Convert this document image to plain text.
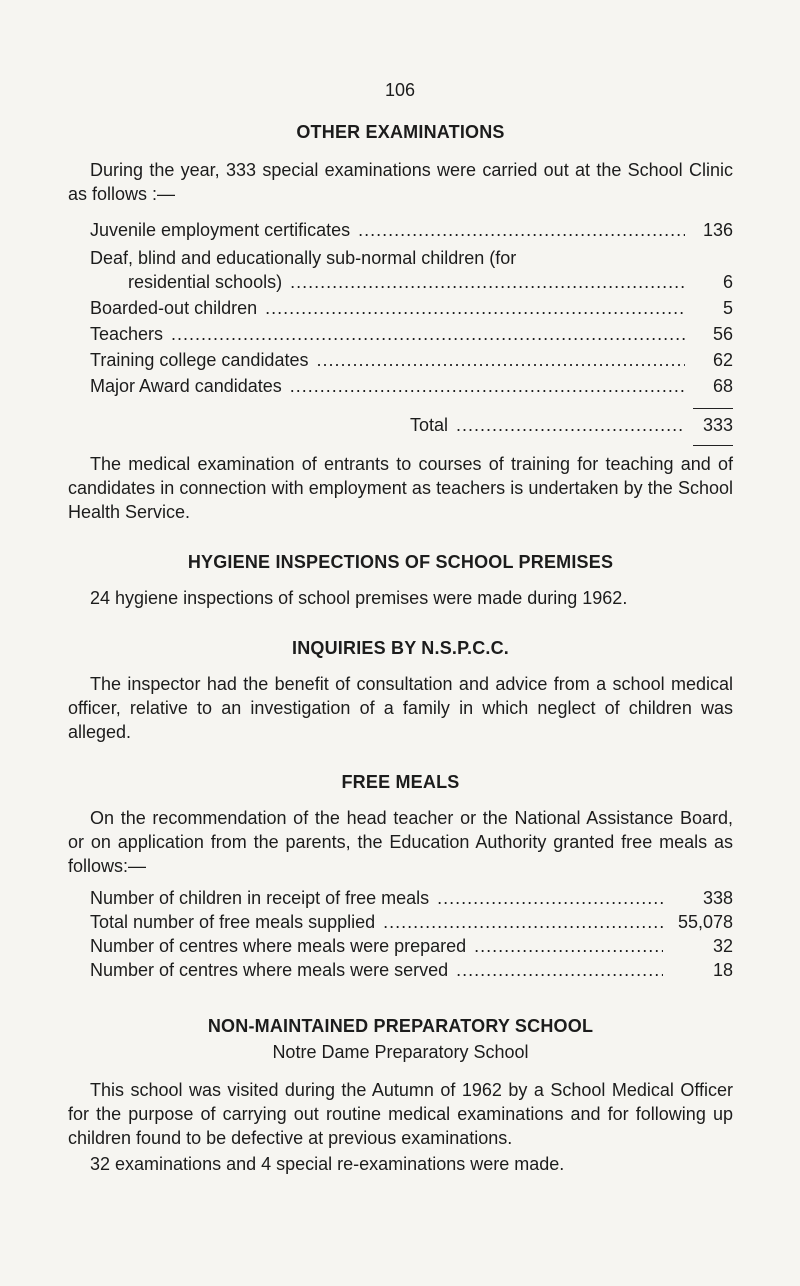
106
OTHER EXAMINATIONS

During the year, 333 special examinations were carried out at the School Clinic as follows :—

Juvenile employment certificates .....	136
Deaf, blind and educationally sub-normal children (for
residential schools) .....	6
Boarded-out children .....	5
Teachers .....	56
Training college candidates .....	62
Major Award candidates .....	68
Total .....	333

The medical examination of entrants to courses of training for teaching and of candidates in connection with employment as teachers is undertaken by the School Health Service.

HYGIENE INSPECTIONS OF SCHOOL PREMISES

24 hygiene inspections of school premises were made during 1962.

INQUIRIES BY N.S.P.C.C.

The inspector had the benefit of consultation and advice from a school medical officer, relative to an investigation of a family in which neglect of children was alleged.

FREE MEALS

On the recommendation of the head teacher or the National Assistance Board, or on application from the parents, the Education Authority granted free meals as follows:—

Number of children in receipt of free meals .....	338
Total number of free meals supplied .....	55,078
Number of centres where meals were prepared .....	32
Number of centres where meals were served .....	18
NON-MAINTAINED PREPARATORY SCHOOL
Notre Dame Preparatory School

This school was visited during the Autumn of 1962 by a School Medical Officer for the purpose of carrying out routine medical examinations and for following up children found to be defective at previous examinations.

32 examinations and 4 special re-examinations were made.
